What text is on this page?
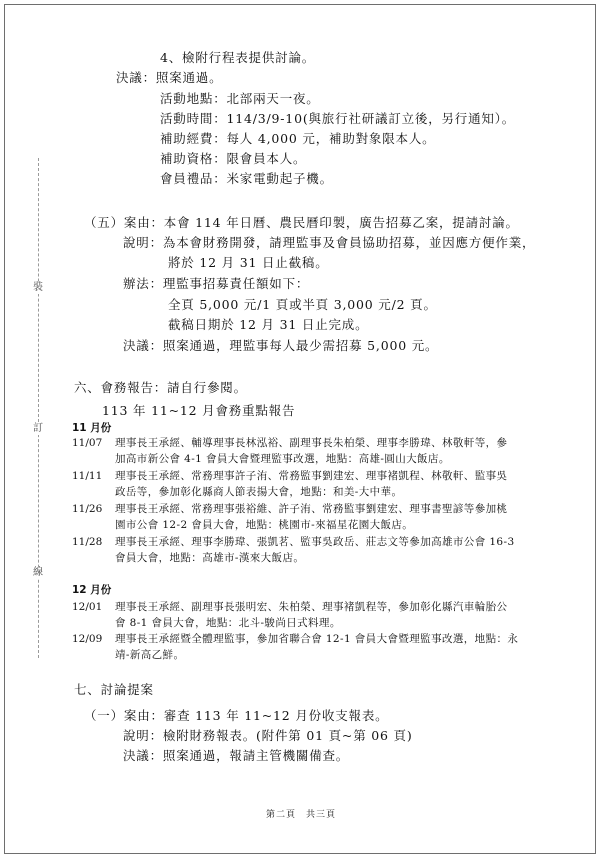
裝
訂
線
4、檢附行程表提供討論。
決議：照案通過。
活動地點：北部兩天一夜。
活動時間：114/3/9-10(與旅行社研議訂立後，另行通知）。
補助經費：每人 4,000 元，補助對象限本人。
補助資格：限會員本人。
會員禮品：米家電動起子機。
（五）案由：本會 114 年日曆、農民曆印製，廣告招募乙案，提請討論。
說明：為本會財務開發，請理監事及會員協助招募，並因應方便作業，
將於 12 月 31 日止截稿。
辦法：理監事招募責任額如下：
全頁 5,000 元/1 頁或半頁 3,000 元/2 頁。
截稿日期於 12 月 31 日止完成。
決議：照案通過，理監事每人最少需招募 5,000 元。
六、會務報告：請自行參閱。
113 年 11~12 月會務重點報告
11 月份
11/07 理事長王承經、輔導理事長林泓裕、副理事長朱柏榮、理事李勝瑋、林敬軒等，參
加高市新公會 4-1 會員大會暨理監事改選，地點：高雄-圓山大飯店。
11/11 理事長王承經、常務理事許子洧、常務監事劉建宏、理事褚凱程、林敬軒、監事吳
政岳等，參加彰化縣商人節表揚大會，地點：和美-大中華。
11/26 理事長王承經、常務理事張裕維、許子洧、常務監事劉建宏、理事書聖諺等參加桃
園市公會 12-2 會員大會，地點：桃園市-來福星花園大飯店。
11/28 理事長王承經、理事李勝瑋、張凱茗、監事吳政岳、莊志文等參加高雄市公會 16-3
會員大會，地點：高雄市-漢來大飯店。
12 月份
12/01 理事長王承經、副理事長張明宏、朱柏榮、理事褚凱程等，參加彰化縣汽車輪胎公
會 8-1 會員大會，地點：北斗-駿尚日式料理。
12/09 理事長王承經暨全體理監事，參加省聯合會 12-1 會員大會暨理監事改選，地點：永
靖-新高乙鮮。
七、討論提案
（一）案由：審查 113 年 11~12 月份收支報表。
說明：檢附財務報表。(附件第 01 頁~第 06 頁)
決議：照案通過，報請主管機關備查。
第二頁　共三頁
